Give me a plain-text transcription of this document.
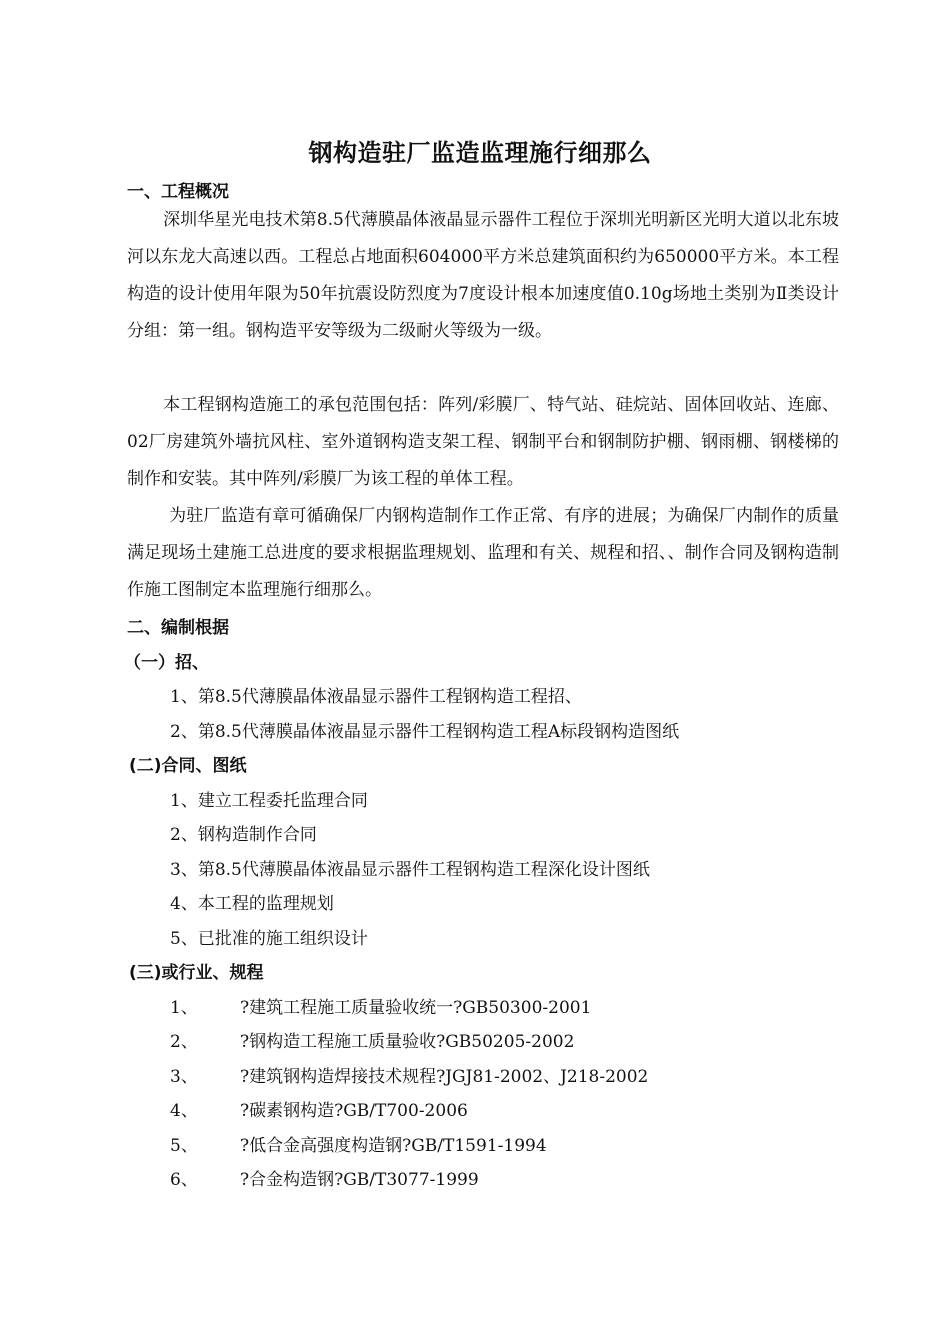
钢构造驻厂监造监理施行细那么
一、工程概况
深圳华星光电技术第8.5代薄膜晶体液晶显示器件工程位于深圳光明新区光明大道以北东坡河以东龙大高速以西。工程总占地面积604000平方米总建筑面积约为650000平方米。本工程构造的设计使用年限为50年抗震设防烈度为7度设计根本加速度值0.10g场地土类别为Ⅱ类设计分组：第一组。钢构造平安等级为二级耐火等级为一级。
本工程钢构造施工的承包范围包括：阵列/彩膜厂、特气站、硅烷站、固体回收站、连廊、02厂房建筑外墙抗风柱、室外道钢构造支架工程、钢制平台和钢制防护棚、钢雨棚、钢楼梯的制作和安装。其中阵列/彩膜厂为该工程的单体工程。
为驻厂监造有章可循确保厂内钢构造制作工作正常、有序的进展；为确保厂内制作的质量满足现场土建施工总进度的要求根据监理规划、监理和有关、规程和招、、制作合同及钢构造制作施工图制定本监理施行细那么。
二、编制根据
（一）招、
1、第8.5代薄膜晶体液晶显示器件工程钢构造工程招、
2、第8.5代薄膜晶体液晶显示器件工程钢构造工程A标段钢构造图纸
(二)合同、图纸
1、建立工程委托监理合同
2、钢构造制作合同
3、第8.5代薄膜晶体液晶显示器件工程钢构造工程深化设计图纸
4、本工程的监理规划
5、已批准的施工组织设计
(三)或行业、规程
1、 ?建筑工程施工质量验收统一?GB50300-2001
2、 ?钢构造工程施工质量验收?GB50205-2002
3、 ?建筑钢构造焊接技术规程?JGJ81-2002、J218-2002
4、 ?碳素钢构造?GB/T700-2006
5、 ?低合金高强度构造钢?GB/T1591-1994
6、 ?合金构造钢?GB/T3077-1999
